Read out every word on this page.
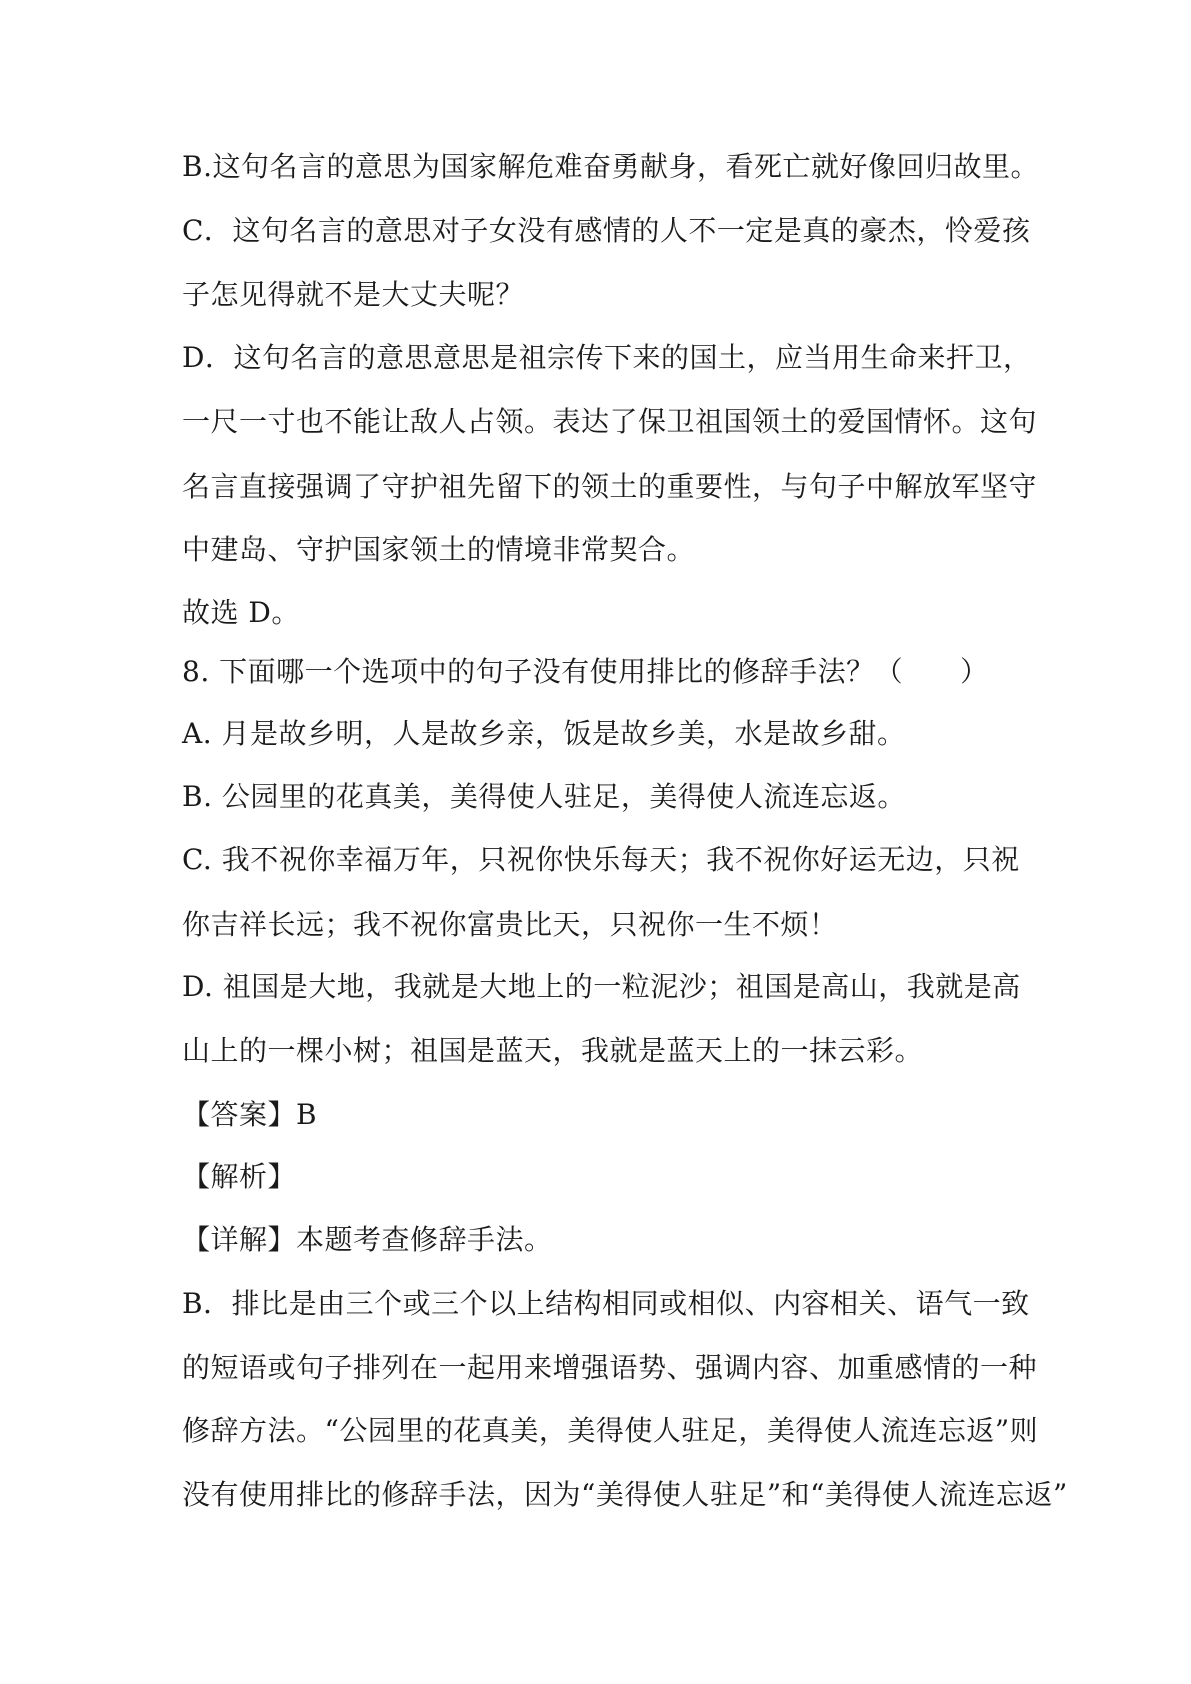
B.这句名言的意思为国家解危难奋勇献身，看死亡就好像回归故里。

C．这句名言的意思对子女没有感情的人不一定是真的豪杰，怜爱孩

子怎见得就不是大丈夫呢？

D．这句名言的意思意思是祖宗传下来的国土，应当用生命来扞卫，

一尺一寸也不能让敌人占领。表达了保卫祖国领土的爱国情怀。这句

名言直接强调了守护祖先留下的领土的重要性，与句子中解放军坚守

中建岛、守护国家领土的情境非常契合。

故选 D。

8. 下面哪一个选项中的句子没有使用排比的修辞手法？（　　）

A. 月是故乡明，人是故乡亲，饭是故乡美，水是故乡甜。

B. 公园里的花真美，美得使人驻足，美得使人流连忘返。

C. 我不祝你幸福万年，只祝你快乐每天；我不祝你好运无边，只祝

你吉祥长远；我不祝你富贵比天，只祝你一生不烦！

D. 祖国是大地，我就是大地上的一粒泥沙；祖国是高山，我就是高

山上的一棵小树；祖国是蓝天，我就是蓝天上的一抹云彩。

【答案】B

【解析】

【详解】本题考查修辞手法。

B．排比是由三个或三个以上结构相同或相似、内容相关、语气一致

的短语或句子排列在一起用来增强语势、强调内容、加重感情的一种

修辞方法。“公园里的花真美，美得使人驻足，美得使人流连忘返”则

没有使用排比的修辞手法，因为“美得使人驻足”和“美得使人流连忘返”
